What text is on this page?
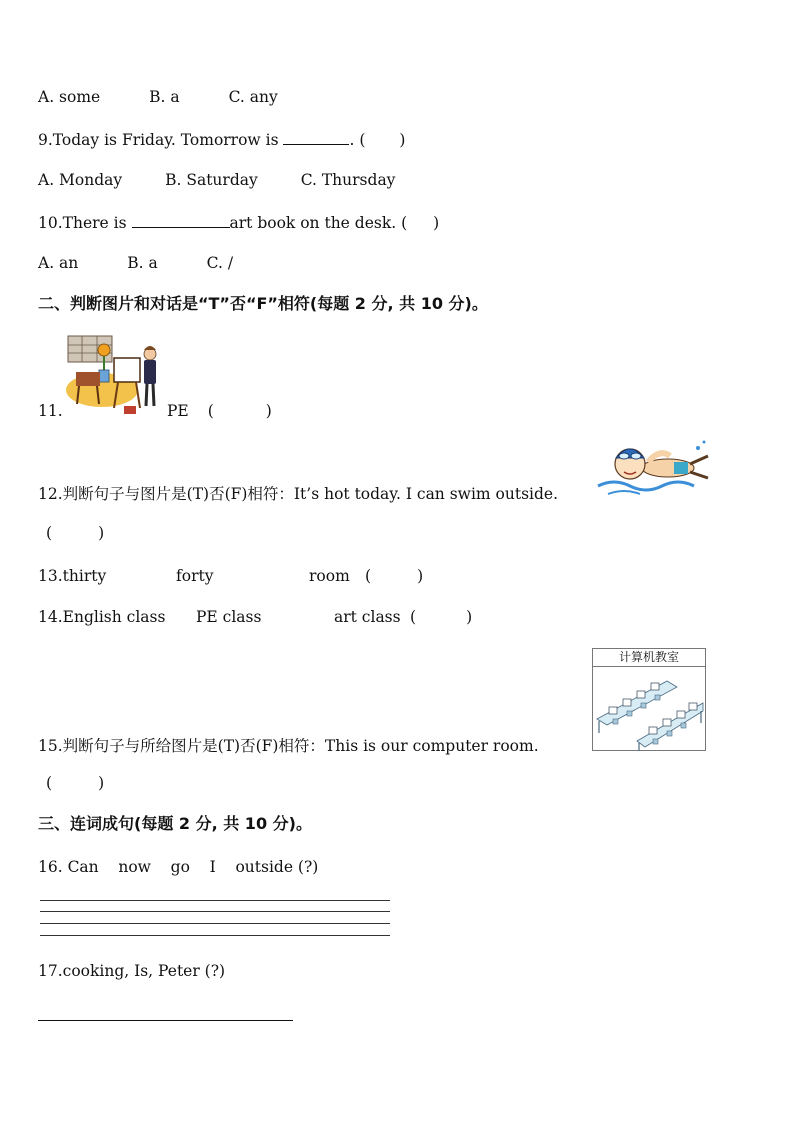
A. some	B. a	C. any
9.Today is Friday. Tomorrow is	. ( )
A. Monday	B. Saturday	C. Thursday
10.There is	art book on the desk. ( )
A. an	B. a	C. /
二、判断图片和对话是“T”否“F”相符(每题 2 分, 共 10 分)。
11.	PE (	)
12.判断句子与图片是(T)否(F)相符：It’s hot today. I can swim outside.
(	)
13.thirty	forty	room (	)
14.English class PE class	art class (	)
计算机教室
15.判断句子与所给图片是(T)否(F)相符：This is our computer room.
(	)
三、连词成句(每题 2 分, 共 10 分)。
16. Can    now    go    I    outside (?)
17.cooking, Is, Peter (?)
